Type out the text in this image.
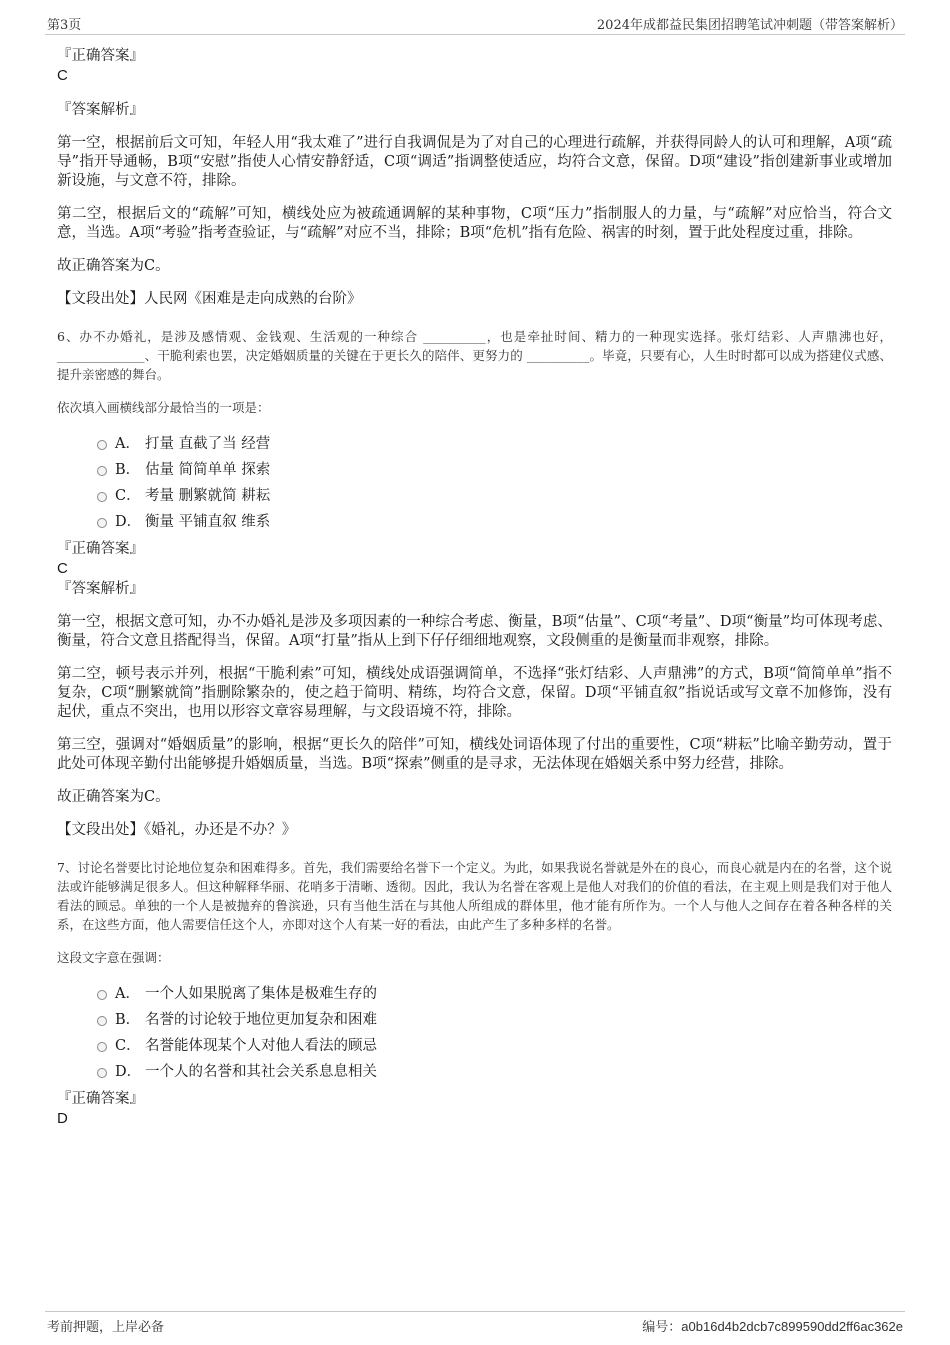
第3页	2024年成都益民集团招聘笔试冲刺题（带答案解析）
『正确答案』
C
『答案解析』

第一空，根据前后文可知，年轻人用“我太难了”进行自我调侃是为了对自己的心理进行疏解，并获得同龄人的认可和理解，A项“疏导”指开导通畅，B项“安慰”指使人心情安静舒适，C项“调适”指调整使适应，均符合文意，保留。D项“建设”指创建新事业或增加新设施，与文意不符，排除。

第二空，根据后文的“疏解”可知，横线处应为被疏通调解的某种事物，C项“压力”指制服人的力量，与“疏解”对应恰当，符合文意，当选。A项“考验”指考查验证，与“疏解”对应不当，排除；B项“危机”指有危险、祸害的时刻，置于此处程度过重，排除。

故正确答案为C。

【文段出处】人民网《困难是走向成熟的台阶》

6、办不办婚礼，是涉及感情观、金钱观、生活观的一种综合 __________，也是牵扯时间、精力的一种现实选择。张灯结彩、人声鼎沸也好，______________、干脆利索也罢，决定婚姻质量的关键在于更长久的陪伴、更努力的 __________。毕竟，只要有心，人生时时都可以成为搭建仪式感、提升亲密感的舞台。

依次填入画横线部分最恰当的一项是：

A． 打量 直截了当 经营
B． 估量 简简单单 探索
C． 考量 删繁就简 耕耘
D． 衡量 平铺直叙 维系
『正确答案』
C
『答案解析』

第一空，根据文意可知，办不办婚礼是涉及多项因素的一种综合考虑、衡量，B项“估量”、C项“考量”、D项“衡量”均可体现考虑、衡量，符合文意且搭配得当，保留。A项“打量”指从上到下仔仔细细地观察，文段侧重的是衡量而非观察，排除。

第二空，顿号表示并列，根据“干脆利索”可知，横线处成语强调简单，不选择“张灯结彩、人声鼎沸”的方式，B项“简简单单”指不复杂，C项“删繁就简”指删除繁杂的，使之趋于简明、精练，均符合文意，保留。D项“平铺直叙”指说话或写文章不加修饰，没有起伏，重点不突出，也用以形容文章容易理解，与文段语境不符，排除。

第三空，强调对“婚姻质量”的影响，根据“更长久的陪伴”可知，横线处词语体现了付出的重要性，C项“耕耘”比喻辛勤劳动，置于此处可体现辛勤付出能够提升婚姻质量，当选。B项“探索”侧重的是寻求，无法体现在婚姻关系中努力经营，排除。

故正确答案为C。

【文段出处】《婚礼，办还是不办？》

7、讨论名誉要比讨论地位复杂和困难得多。首先，我们需要给名誉下一个定义。为此，如果我说名誉就是外在的良心，而良心就是内在的名誉，这个说法或许能够满足很多人。但这种解释华丽、花哨多于清晰、透彻。因此，我认为名誉在客观上是他人对我们的价值的看法，在主观上则是我们对于他人看法的顾忌。单独的一个人是被抛弃的鲁滨逊，只有当他生活在与其他人所组成的群体里，他才能有所作为。一个人与他人之间存在着各种各样的关系，在这些方面，他人需要信任这个人，亦即对这个人有某一好的看法，由此产生了多种多样的名誉。

这段文字意在强调：

A． 一个人如果脱离了集体是极难生存的
B． 名誉的讨论较于地位更加复杂和困难
C． 名誉能体现某个人对他人看法的顾忌
D． 一个人的名誉和其社会关系息息相关
『正确答案』
D
考前押题，上岸必备	编号：a0b16d4b2dcb7c899590dd2ff6ac362e
